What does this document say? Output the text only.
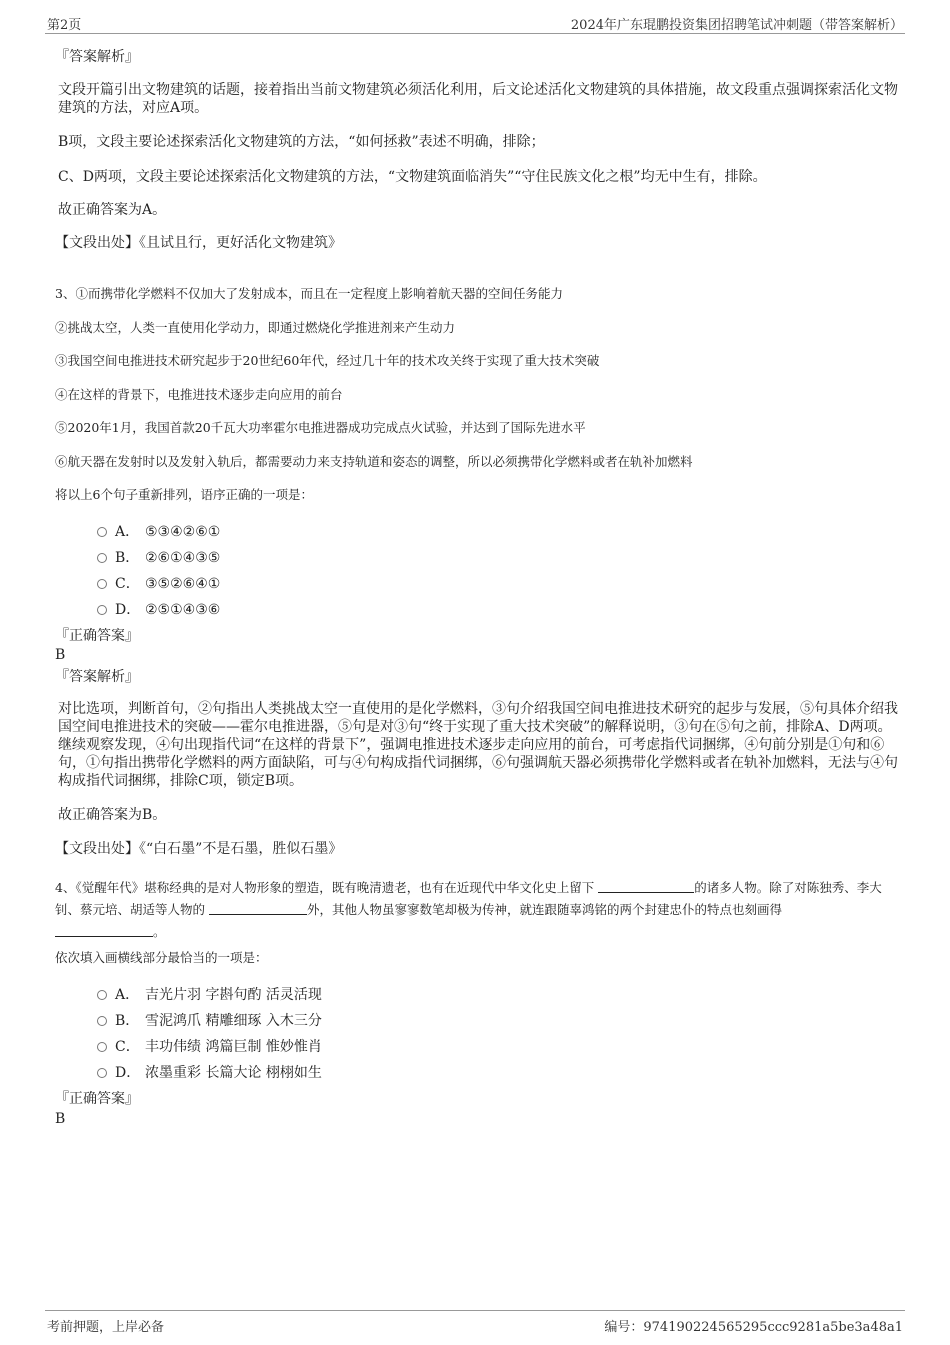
第2页	2024年广东琨鹏投资集团招聘笔试冲刺题（带答案解析）
『答案解析』
文段开篇引出文物建筑的话题，接着指出当前文物建筑必须活化利用，后文论述活化文物建筑的具体措施，故文段重点强调探索活化文物建筑的方法，对应A项。
B项，文段主要论述探索活化文物建筑的方法，“如何拯救”表述不明确，排除；
C、D两项，文段主要论述探索活化文物建筑的方法，“文物建筑面临消失”“守住民族文化之根”均无中生有，排除。
故正确答案为A。
【文段出处】《且试且行，更好活化文物建筑》
3、①而携带化学燃料不仅加大了发射成本，而且在一定程度上影响着航天器的空间任务能力
②挑战太空，人类一直使用化学动力，即通过燃烧化学推进剂来产生动力
③我国空间电推进技术研究起步于20世纪60年代，经过几十年的技术攻关终于实现了重大技术突破
④在这样的背景下，电推进技术逐步走向应用的前台
⑤2020年1月，我国首款20千瓦大功率霍尔电推进器成功完成点火试验，并达到了国际先进水平
⑥航天器在发射时以及发射入轨后，都需要动力来支持轨道和姿态的调整，所以必须携带化学燃料或者在轨补加燃料
将以上6个句子重新排列，语序正确的一项是：
A． ⑤③④②⑥①
B． ②⑥①④③⑤
C． ③⑤②⑥④①
D． ②⑤①④③⑥
『正确答案』
B
『答案解析』
对比选项，判断首句，②句指出人类挑战太空一直使用的是化学燃料，③句介绍我国空间电推进技术研究的起步与发展，⑤句具体介绍我国空间电推进技术的突破——霍尔电推进器，⑤句是对③句“终于实现了重大技术突破”的解释说明，③句在⑤句之前，排除A、D两项。继续观察发现，④句出现指代词“在这样的背景下”，强调电推进技术逐步走向应用的前台，可考虑指代词捆绑，④句前分别是①句和⑥句，①句指出携带化学燃料的两方面缺陷，可与④句构成指代词捆绑，⑥句强调航天器必须携带化学燃料或者在轨补加燃料，无法与④句构成指代词捆绑，排除C项，锁定B项。
故正确答案为B。
【文段出处】《“白石墨”不是石墨，胜似石墨》
4、《觉醒年代》堪称经典的是对人物形象的塑造，既有晚清遗老，也有在近现代中华文化史上留下	的诸多人物。除了对陈独秀、李大钊、蔡元培、胡适等人物的	外，其他人物虽寥寥数笔却极为传神，就连跟随辜鸿铭的两个封建忠仆的特点也刻画得
。
依次填入画横线部分最恰当的一项是：
A． 吉光片羽 字斟句酌 活灵活现
B． 雪泥鸿爪 精雕细琢 入木三分
C． 丰功伟绩 鸿篇巨制 惟妙惟肖
D． 浓墨重彩 长篇大论 栩栩如生
『正确答案』
B
考前押题，上岸必备	编号：974190224565295ccc9281a5be3a48a1
